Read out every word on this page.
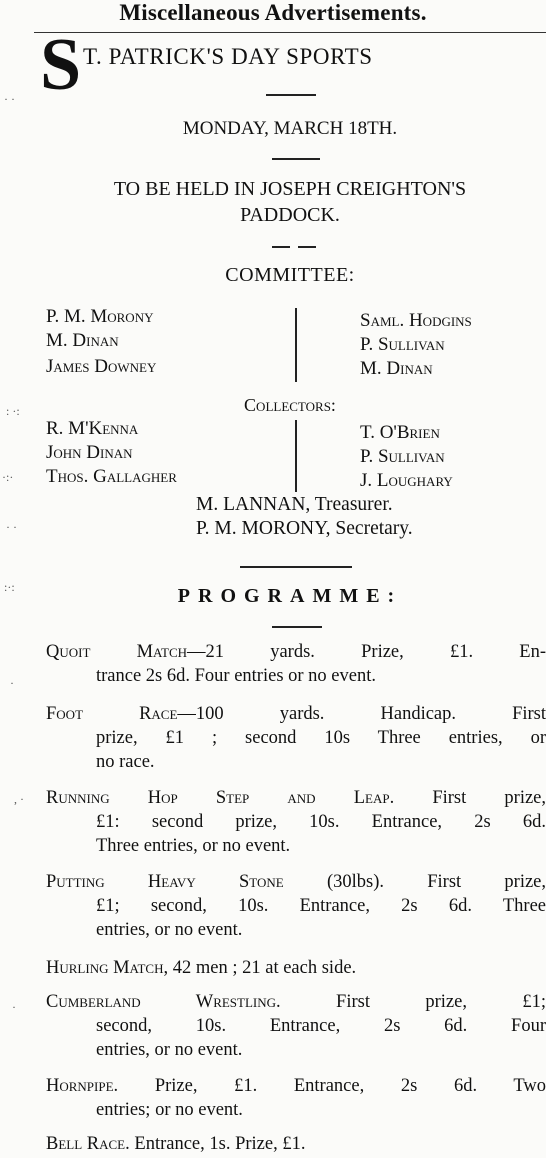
Miscellaneous Advertisements.
S T. PATRICK'S DAY SPORTS
MONDAY, MARCH 18TH.
TO BE HELD IN JOSEPH CREIGHTON'S
PADDOCK.
COMMITTEE:
P. M. Morony
M. Dinan
James Downey
Saml. Hodgins
P. Sullivan
M. Dinan
Collectors:
R. M'Kenna
John Dinan
Thos. Gallagher
T. O'Brien
P. Sullivan
J. Loughary
M. LANNAN, Treasurer.
P. M. MORONY, Secretary.
PROGRAMME:
Quoit Match—21 yards. Prize, £1. En-
trance 2s 6d. Four entries or no event.
Foot Race—100 yards. Handicap. First
prize, £1 ; second 10s Three entries, or
no race.
Running Hop Step and Leap. First prize,
£1: second prize, 10s. Entrance, 2s 6d.
Three entries, or no event.
Putting Heavy Stone (30lbs). First prize,
£1; second, 10s. Entrance, 2s 6d. Three
entries, or no event.
Hurling Match, 42 men ; 21 at each side.
Cumberland Wrestling. First prize, £1;
second, 10s. Entrance, 2s 6d. Four
entries, or no event.
Hornpipe. Prize, £1. Entrance, 2s 6d. Two
entries; or no event.
Bell Race. Entrance, 1s. Prize, £1.
· ·
: ·:
·:·
· ·
:·:
·
, ·
·
